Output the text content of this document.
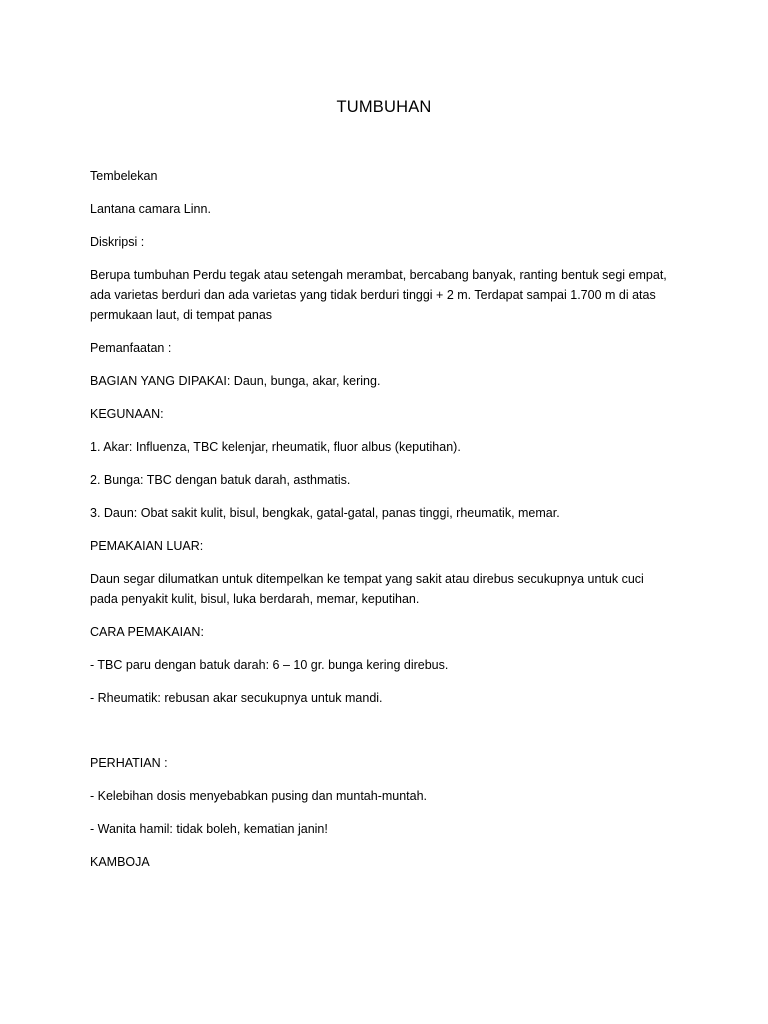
TUMBUHAN
Tembelekan
Lantana camara Linn.
Diskripsi :
Berupa tumbuhan Perdu tegak atau setengah merambat, bercabang banyak, ranting bentuk segi empat,
ada varietas berduri dan ada varietas yang tidak berduri tinggi + 2 m. Terdapat sampai 1.700 m di atas
permukaan laut, di tempat panas
Pemanfaatan :
BAGIAN YANG DIPAKAI: Daun, bunga, akar, kering.
KEGUNAAN:
1. Akar: Influenza, TBC kelenjar, rheumatik, fluor albus (keputihan).
2. Bunga: TBC dengan batuk darah, asthmatis.
3. Daun: Obat sakit kulit, bisul, bengkak, gatal-gatal, panas tinggi, rheumatik, memar.
PEMAKAIAN LUAR:
Daun segar dilumatkan untuk ditempelkan ke tempat yang sakit atau direbus secukupnya untuk cuci
pada penyakit kulit, bisul, luka berdarah, memar, keputihan.
CARA PEMAKAIAN:
- TBC paru dengan batuk darah: 6 – 10 gr. bunga kering direbus.
- Rheumatik: rebusan akar secukupnya untuk mandi.
PERHATIAN :
- Kelebihan dosis menyebabkan pusing dan muntah-muntah.
- Wanita hamil: tidak boleh, kematian janin!
KAMBOJA
